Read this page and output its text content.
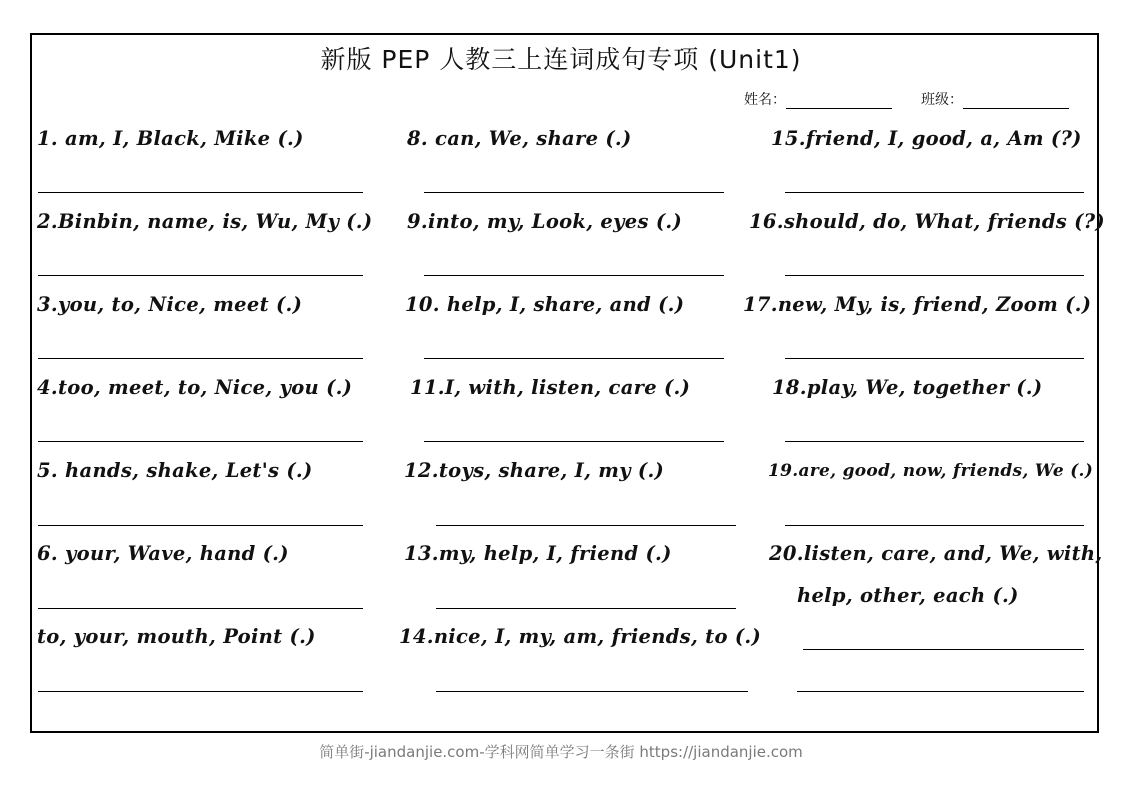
新版 PEP 人教三上连词成句专项 (Unit1)
姓名：	班级：
1. am, I, Black, Mike (.)
2.Binbin, name, is, Wu, My (.)
3.you, to, Nice, meet (.)
4.too, meet, to, Nice, you (.)
5. hands, shake, Let's (.)
6. your, Wave, hand (.)
to, your, mouth, Point (.)
8. can, We, share (.)
9.into, my, Look, eyes (.)
10. help, I, share, and (.)
11.I, with, listen, care (.)
12.toys, share, I, my (.)
13.my, help, I, friend (.)
14.nice, I, my, am, friends, to (.)
15.friend, I, good, a, Am (?)
16.should, do, What, friends (?)
17.new, My, is, friend, Zoom (.)
18.play, We, together (.)
19.are, good, now, friends, We (.)
20.listen, care, and, We, with,
help, other, each (.)
简单街-jiandanjie.com-学科网简单学习一条街 https://jiandanjie.com
